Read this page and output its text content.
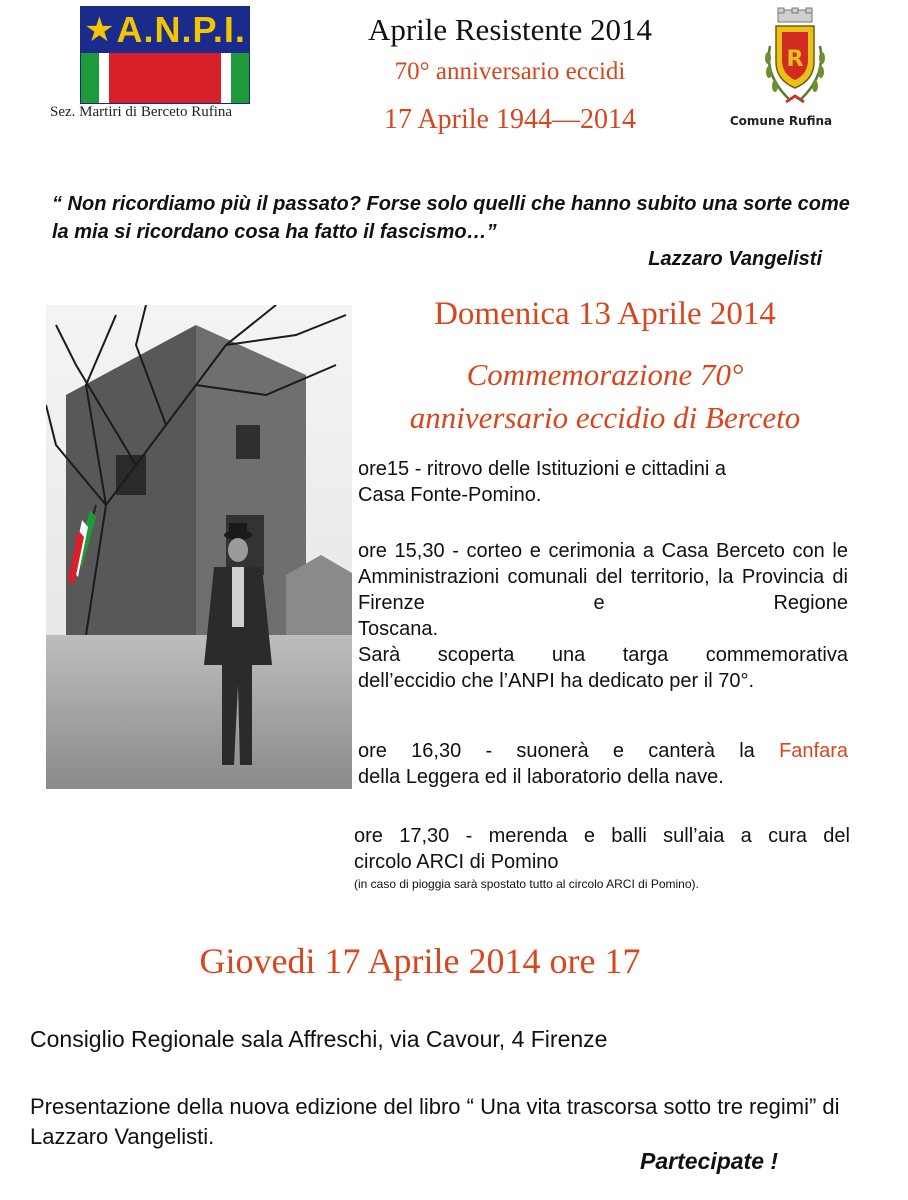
★ A.N.P.I.
Sez. Martiri di Berceto Rufina
Aprile Resistente 2014
70° anniversario eccidi
17 Aprile 1944—2014
R
Comune Rufina
“ Non ricordiamo più il passato? Forse solo quelli che hanno subito una sorte come la mia si ricordano cosa ha fatto il fascismo…”
Lazzaro Vangelisti
Domenica 13 Aprile 2014
Commemorazione 70°
anniversario eccidio di Berceto
ore15 - ritrovo delle Istituzioni e cittadini a
Casa Fonte-Pomino.
ore 15,30 - corteo e cerimonia a Casa Berceto con le Amministrazioni comunali del territorio, la Provincia di Firenze e Regione
Toscana.
Sarà scoperta una targa commemorativa
dell’eccidio che l’ANPI ha dedicato per il 70°.
ore 16,30 - suonerà e canterà la Fanfara
della Leggera ed il laboratorio della nave.
ore 17,30 - merenda e balli sull’aia a cura del
circolo ARCI di Pomino
(in caso di pioggia sarà spostato tutto al circolo ARCI di Pomino).
Giovedi 17 Aprile 2014 ore 17
Consiglio Regionale sala Affreschi, via Cavour, 4 Firenze
Presentazione della nuova edizione del libro “ Una vita trascorsa sotto tre regimi” di Lazzaro Vangelisti.
Partecipate !
